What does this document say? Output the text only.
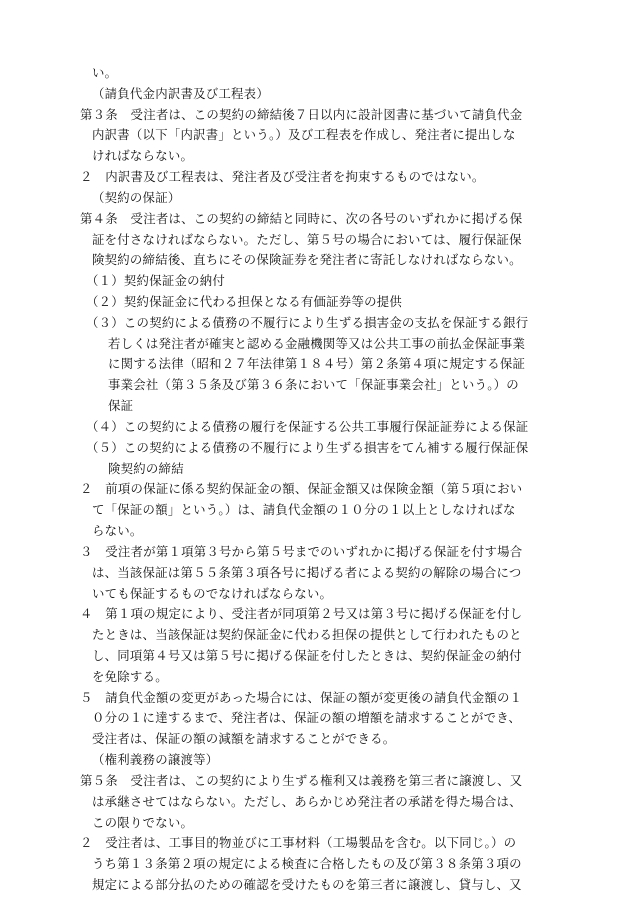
い。
（請負代金内訳書及び工程表）
第３条　受注者は、この契約の締結後７日以内に設計図書に基づいて請負代金
内訳書（以下「内訳書」という。）及び工程表を作成し、発注者に提出しな
ければならない。
２　内訳書及び工程表は、発注者及び受注者を拘束するものではない。
（契約の保証）
第４条　受注者は、この契約の締結と同時に、次の各号のいずれかに掲げる保
証を付さなければならない。ただし、第５号の場合においては、履行保証保
険契約の締結後、直ちにその保険証券を発注者に寄託しなければならない。
（１）契約保証金の納付
（２）契約保証金に代わる担保となる有価証券等の提供
（３）この契約による債務の不履行により生ずる損害金の支払を保証する銀行
若しくは発注者が確実と認める金融機関等又は公共工事の前払金保証事業
に関する法律（昭和２７年法律第１８４号）第２条第４項に規定する保証
事業会社（第３５条及び第３６条において「保証事業会社」という。）の
保証
（４）この契約による債務の履行を保証する公共工事履行保証証券による保証
（５）この契約による債務の不履行により生ずる損害をてん補する履行保証保
険契約の締結
２　前項の保証に係る契約保証金の額、保証金額又は保険金額（第５項におい
て「保証の額」という。）は、請負代金額の１０分の１以上としなければな
らない。
３　受注者が第１項第３号から第５号までのいずれかに掲げる保証を付す場合
は、当該保証は第５５条第３項各号に掲げる者による契約の解除の場合につ
いても保証するものでなければならない。
４　第１項の規定により、受注者が同項第２号又は第３号に掲げる保証を付し
たときは、当該保証は契約保証金に代わる担保の提供として行われたものと
し、同項第４号又は第５号に掲げる保証を付したときは、契約保証金の納付
を免除する。
５　請負代金額の変更があった場合には、保証の額が変更後の請負代金額の１
０分の１に達するまで、発注者は、保証の額の増額を請求することができ、
受注者は、保証の額の減額を請求することができる。
（権利義務の譲渡等）
第５条　受注者は、この契約により生ずる権利又は義務を第三者に譲渡し、又
は承継させてはならない。ただし、あらかじめ発注者の承諾を得た場合は、
この限りでない。
２　受注者は、工事目的物並びに工事材料（工場製品を含む。以下同じ。）の
うち第１３条第２項の規定による検査に合格したもの及び第３８条第３項の
規定による部分払のための確認を受けたものを第三者に譲渡し、貸与し、又
